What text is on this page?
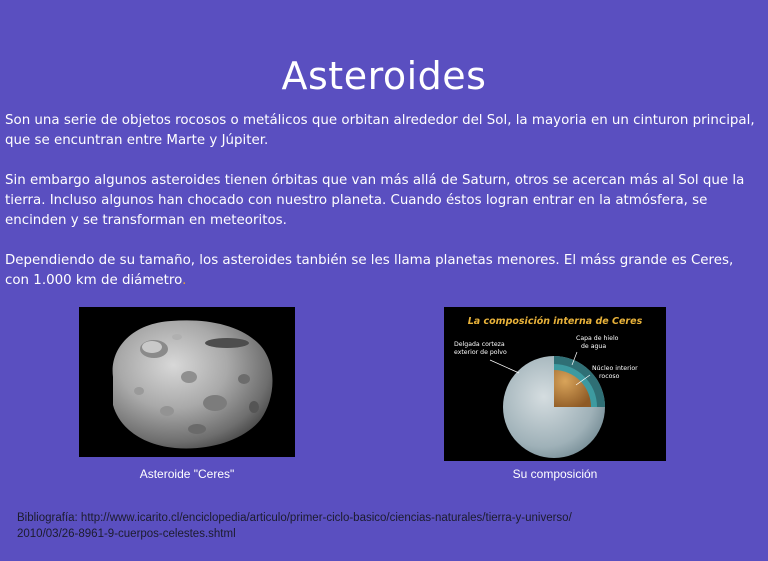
Asteroides
Son una serie de objetos rocosos o metálicos que orbitan alrededor del Sol, la mayoria en un cinturon principal, que se encuntran entre Marte y Júpiter.
Sin embargo algunos asteroides tienen órbitas que van más allá de Saturn, otros se acercan más al Sol que la tierra. Incluso algunos han chocado con nuestro planeta. Cuando éstos logran entrar en la atmósfera, se encinden y se transforman en meteoritos.
Dependiendo de su tamaño, los asteroides tanbién se les llama planetas menores. El máss grande es Ceres, con 1.000 km de diámetro.
La composición interna de Ceres
Delgada corteza
exterior de polvo
Capa de hielo
de agua
Núcleo interior
rocoso
Asteroide "Ceres"	Su composición
Bibliografía: http://www.icarito.cl/enciclopedia/articulo/primer-ciclo-basico/ciencias-naturales/tierra-y-universo/
2010/03/26-8961-9-cuerpos-celestes.shtml
